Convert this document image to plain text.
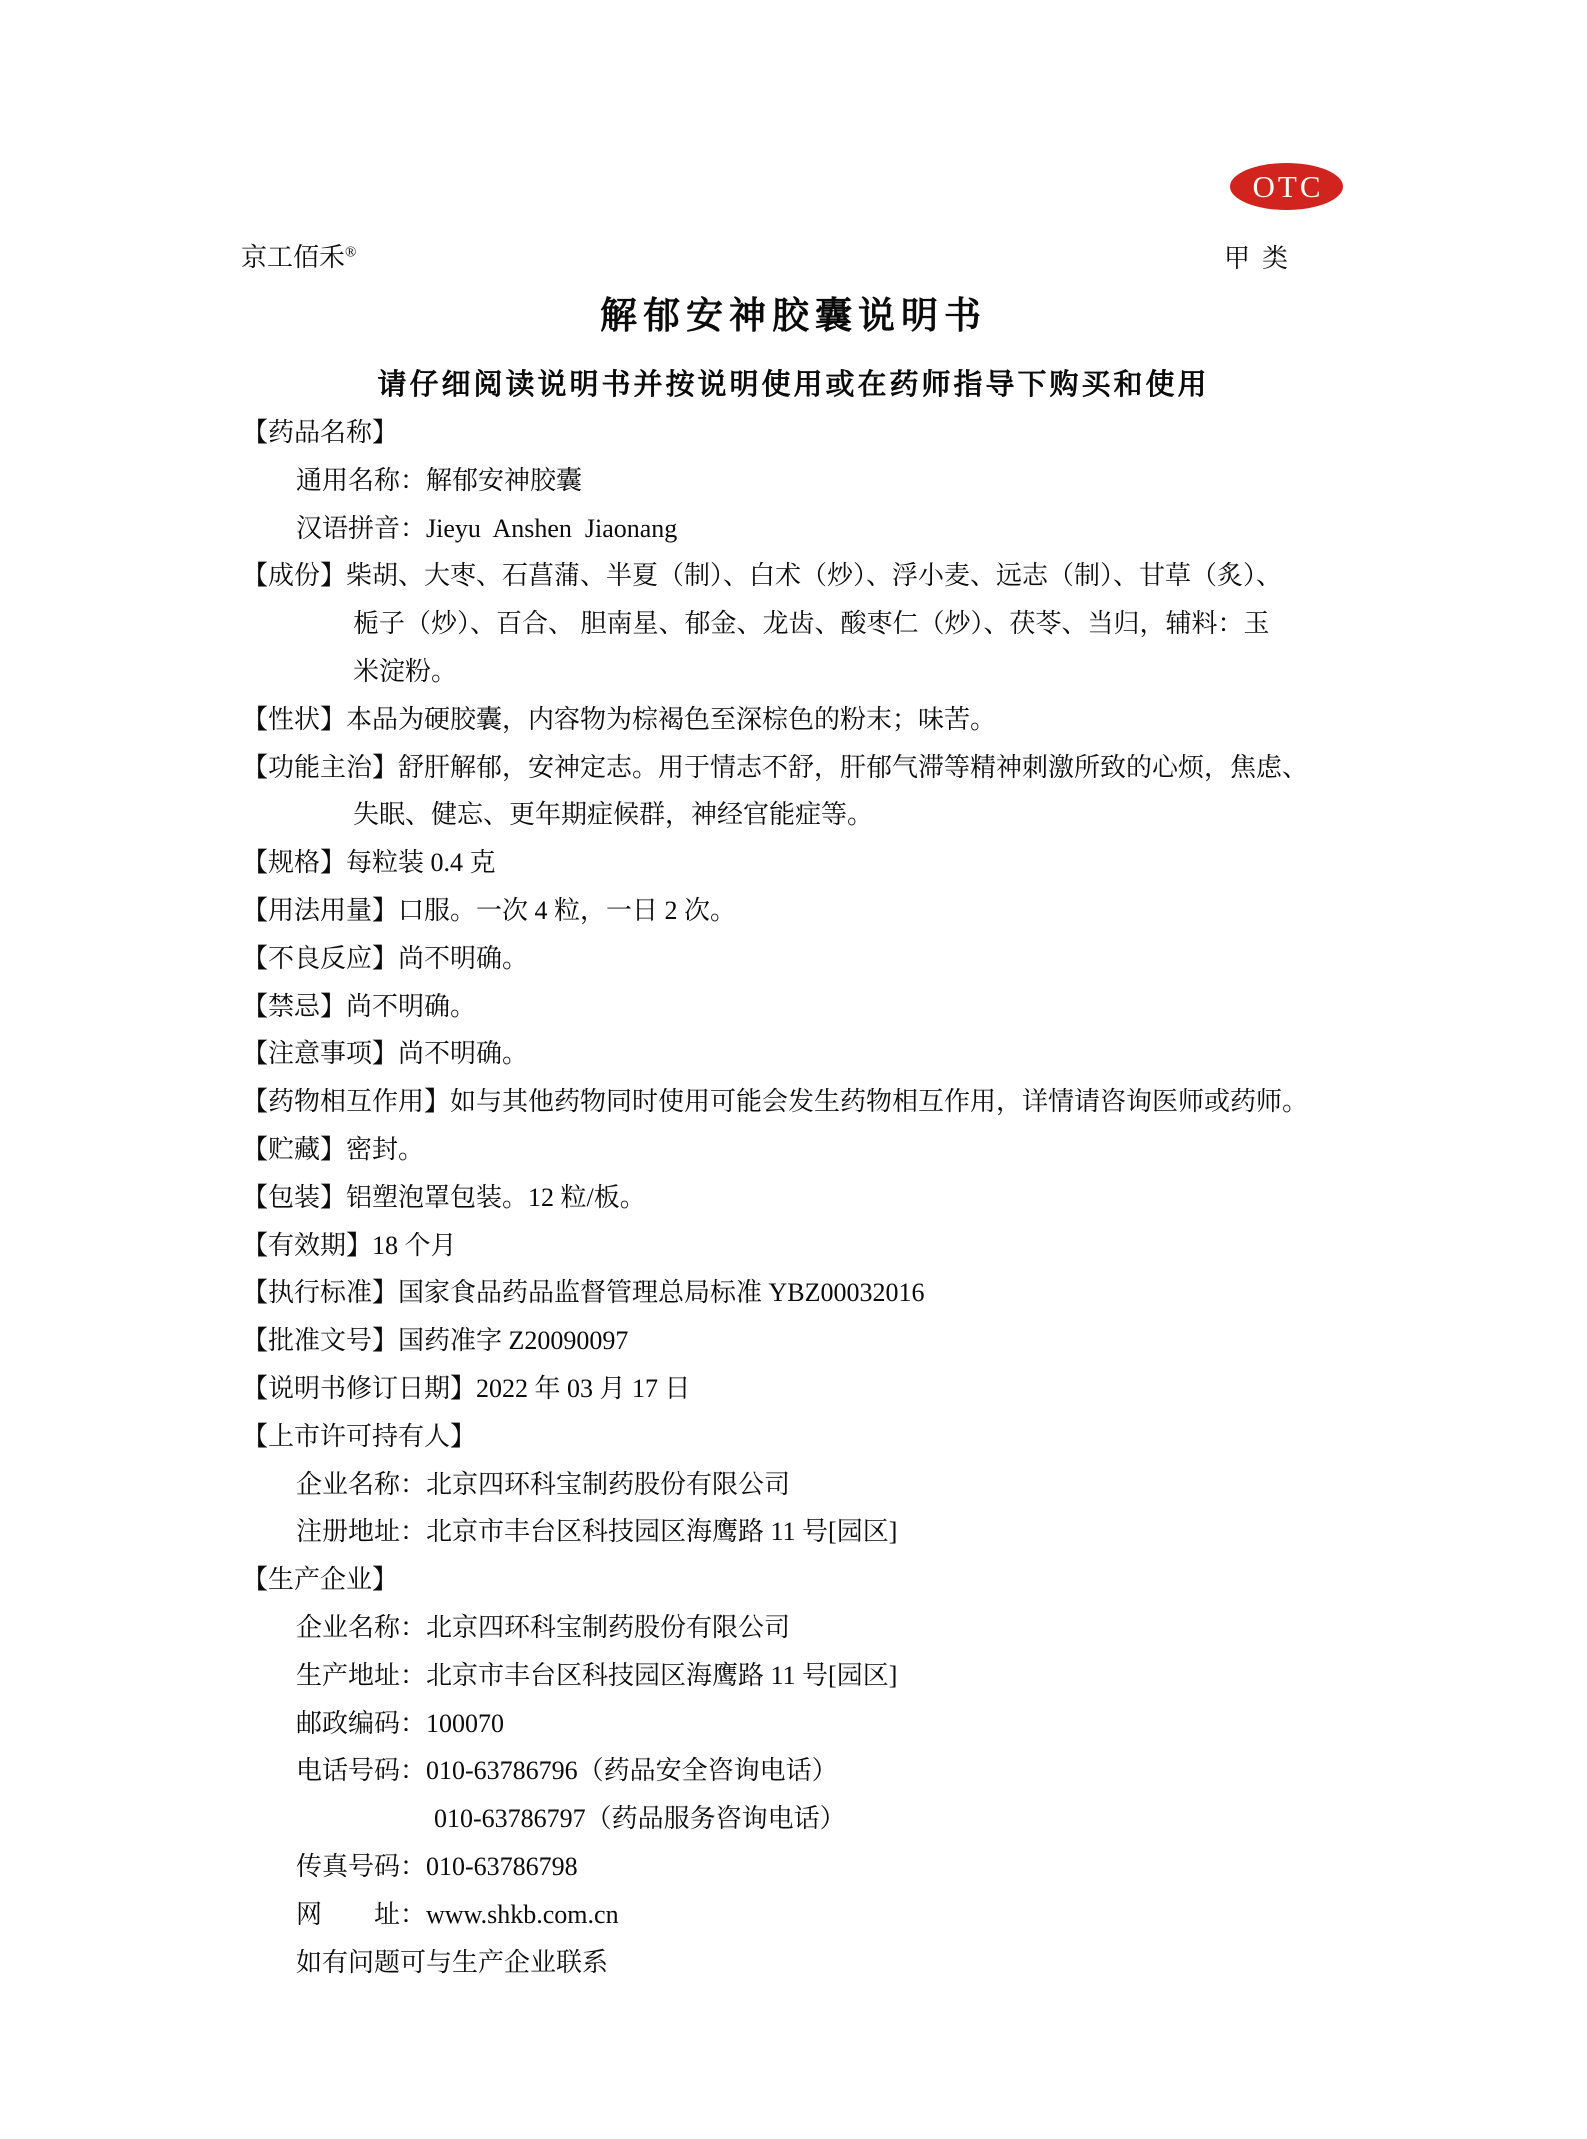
OTC
京工佰禾®	甲类
解郁安神胶囊说明书
请仔细阅读说明书并按说明使用或在药师指导下购买和使用
【药品名称】
通用名称：解郁安神胶囊
汉语拼音：Jieyu  Anshen  Jiaonang
【成份】柴胡、大枣、石菖蒲、半夏（制）、白术（炒）、浮小麦、远志（制）、甘草（炙）、
栀子（炒）、百合、 胆南星、郁金、龙齿、酸枣仁（炒）、茯苓、当归，辅料：玉
米淀粉。
【性状】本品为硬胶囊，内容物为棕褐色至深棕色的粉末；味苦。
【功能主治】舒肝解郁，安神定志。用于情志不舒，肝郁气滞等精神刺激所致的心烦，焦虑、
失眠、健忘、更年期症候群，神经官能症等。
【规格】每粒装 0.4 克
【用法用量】口服。一次 4 粒，一日 2 次。
【不良反应】尚不明确。
【禁忌】尚不明确。
【注意事项】尚不明确。
【药物相互作用】如与其他药物同时使用可能会发生药物相互作用，详情请咨询医师或药师。
【贮藏】密封。
【包装】铝塑泡罩包装。12 粒/板。
【有效期】18 个月
【执行标准】国家食品药品监督管理总局标准 YBZ00032016
【批准文号】国药准字 Z20090097
【说明书修订日期】2022 年 03 月 17 日
【上市许可持有人】
企业名称：北京四环科宝制药股份有限公司
注册地址：北京市丰台区科技园区海鹰路 11 号[园区]
【生产企业】
企业名称：北京四环科宝制药股份有限公司
生产地址：北京市丰台区科技园区海鹰路 11 号[园区]
邮政编码：100070
电话号码：010-63786796（药品安全咨询电话）
010-63786797（药品服务咨询电话）
传真号码：010-63786798
网　　址：www.shkb.com.cn
如有问题可与生产企业联系
